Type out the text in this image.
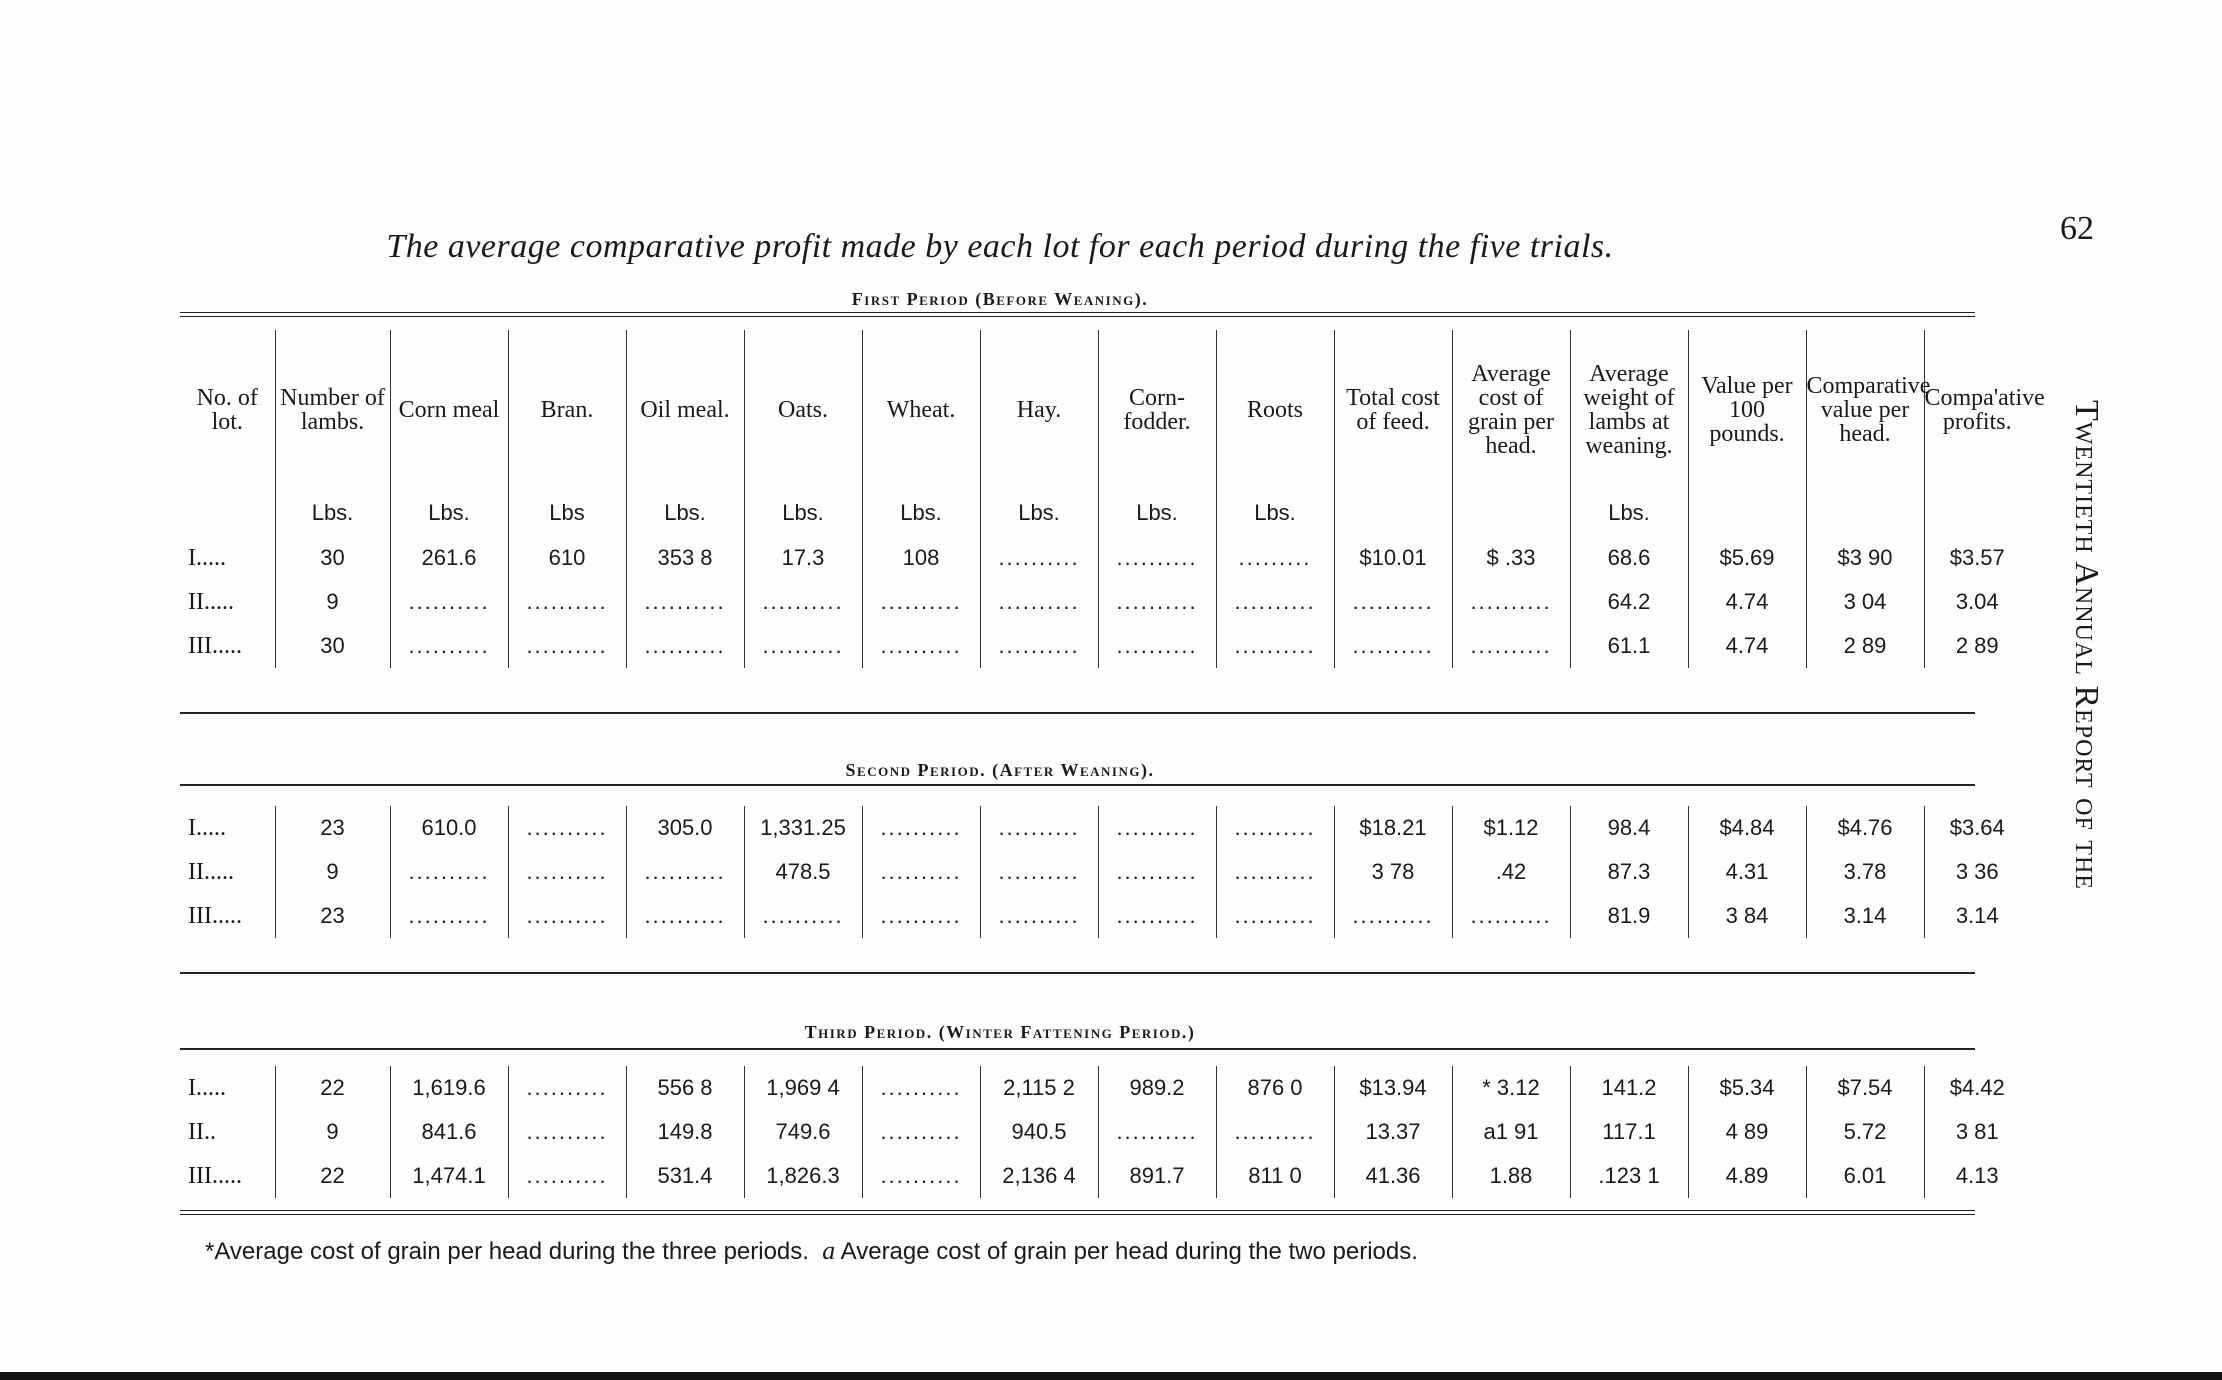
62
Twentieth Annual Report of the
The average comparative profit made by each lot for each period during the five trials.
First Period (Before Weaning).
No. of lot.	Number of lambs.	Corn meal	Bran.	Oil meal.	Oats.	Wheat.	Hay.	Corn-fodder.	Roots	Total cost of feed.	Average cost of grain per head.	Average weight of lambs at weaning.	Value per 100 pounds.	Comparative value per head.	Compa'ative profits.
	Lbs.	Lbs.	Lbs	Lbs.	Lbs.	Lbs.	Lbs.	Lbs.	Lbs.			Lbs.			
I.....	30	261.6	610	353 8	17.3	108	..........	..........	.........	$10.01	$ .33	68.6	$5.69	$3 90	$3.57
II.....	9	..........	..........	..........	..........	..........	..........	..........	..........	..........	..........	64.2	4.74	3 04	3.04
III.....	30	..........	..........	..........	..........	..........	..........	..........	..........	..........	..........	61.1	4.74	2 89	2 89
Second Period. (After Weaning).
I.....	23	610.0	..........	305.0	1,331.25	..........	..........	..........	..........	$18.21	$1.12	98.4	$4.84	$4.76	$3.64
II.....	9	..........	..........	..........	478.5	..........	..........	..........	..........	3 78	.42	87.3	4.31	3.78	3 36
III.....	23	..........	..........	..........	..........	..........	..........	..........	..........	..........	..........	81.9	3 84	3.14	3.14
Third Period. (Winter Fattening Period.)
I.....	22	1,619.6	..........	556 8	1,969 4	..........	2,115 2	989.2	876 0	$13.94	* 3.12	141.2	$5.34	$7.54	$4.42
II..	9	841.6	..........	149.8	749.6	..........	940.5	..........	..........	13.37	a1 91	117.1	4 89	5.72	3 81
III.....	22	1,474.1	..........	531.4	1,826.3	..........	2,136 4	891.7	811 0	41.36	1.88	.123 1	4.89	6.01	4.13
*Average cost of grain per head during the three periods. a Average cost of grain per head during the two periods.
